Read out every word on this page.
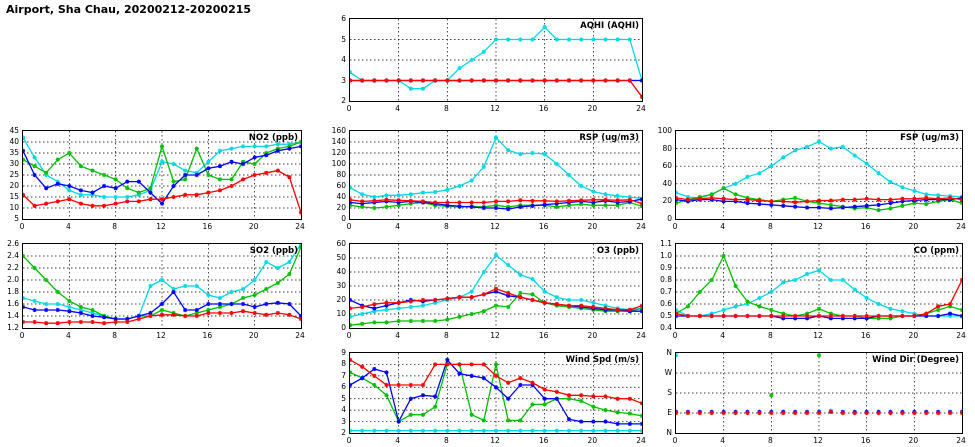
Airport, Sha Chau, 20200212-20200215
AQHI (AQHI)
2
3
4
5
6
0	4	8	12	16	20	24
NO2 (ppb)
5
10
15
20
25
30
35
40
45
0	4	8	12	16	20	24
RSP (ug/m3)
0
20
40
60
80
100
120
140
160
0	4	8	12	16	20	24
FSP (ug/m3)
0
20
40
60
80
100
0	4	8	12	16	20	24
SO2 (ppb)
1.2
1.4
1.6
1.8
2.0
2.2
2.4
2.6
0	4	8	12	16	20	24
O3 (ppb)
0
10
20
30
40
50
60
0	4	8	12	16	20	24
CO (ppm)
0.4
0.5
0.6
0.7
0.8
0.9
1.0
1.1
0	4	8	12	16	20	24
Wind Spd (m/s)
2
3
4
5
6
7
8
9
0	4	8	12	16	20	24
Wind Dir (Degree)
N
E
S
W
N
0	4	8	12	16	20	24
